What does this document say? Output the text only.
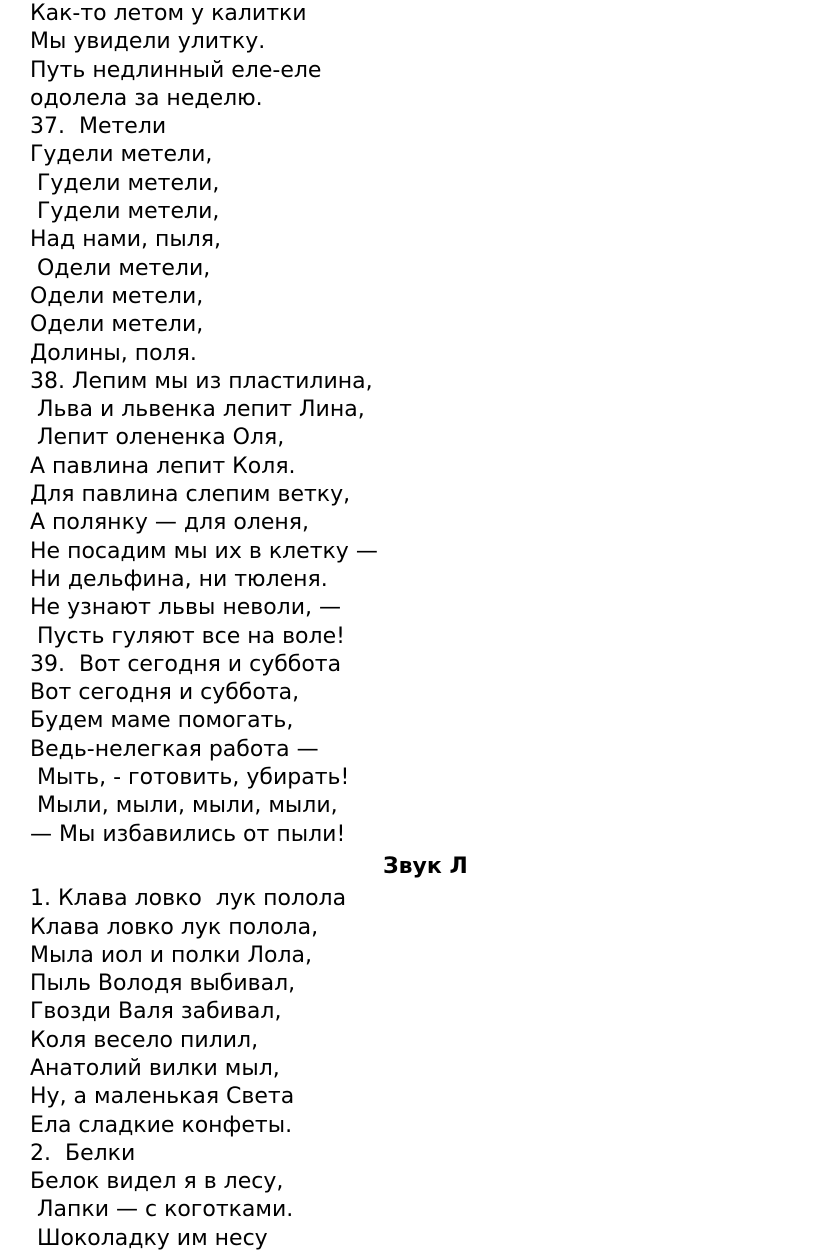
Как-то летом у калитки
Мы увидели улитку.
Путь недлинный еле-еле
одолела за неделю.
37.  Метели
Гудели метели,
Гудели метели,
Гудели метели,
Над нами, пыля,
Одели метели,
Одели метели,
Одели метели,
Долины, поля.
38. Лепим мы из пластилина,
Льва и львенка лепит Лина,
Лепит олененка Оля,
А павлина лепит Коля.
Для павлина слепим ветку,
А полянку — для оленя,
Не посадим мы их в клетку —
Ни дельфина, ни тюленя.
Не узнают львы неволи, —
Пусть гуляют все на воле!
39.  Вот сегодня и суббота
Вот сегодня и суббота,
Будем маме помогать,
Ведь-нелегкая работа —
Мыть, - готовить, убирать!
Мыли, мыли, мыли, мыли,
— Мы избавились от пыли!
Звук Л
1. Клава ловко  лук полола
Клава ловко лук полола,
Мыла иол и полки Лола,
Пыль Володя выбивал,
Гвозди Валя забивал,
Коля весело пилил,
Анатолий вилки мыл,
Ну, а маленькая Света
Ела сладкие конфеты.
2.  Белки
Белок видел я в лесу,
Лапки — с коготками.
Шоколадку им несу
